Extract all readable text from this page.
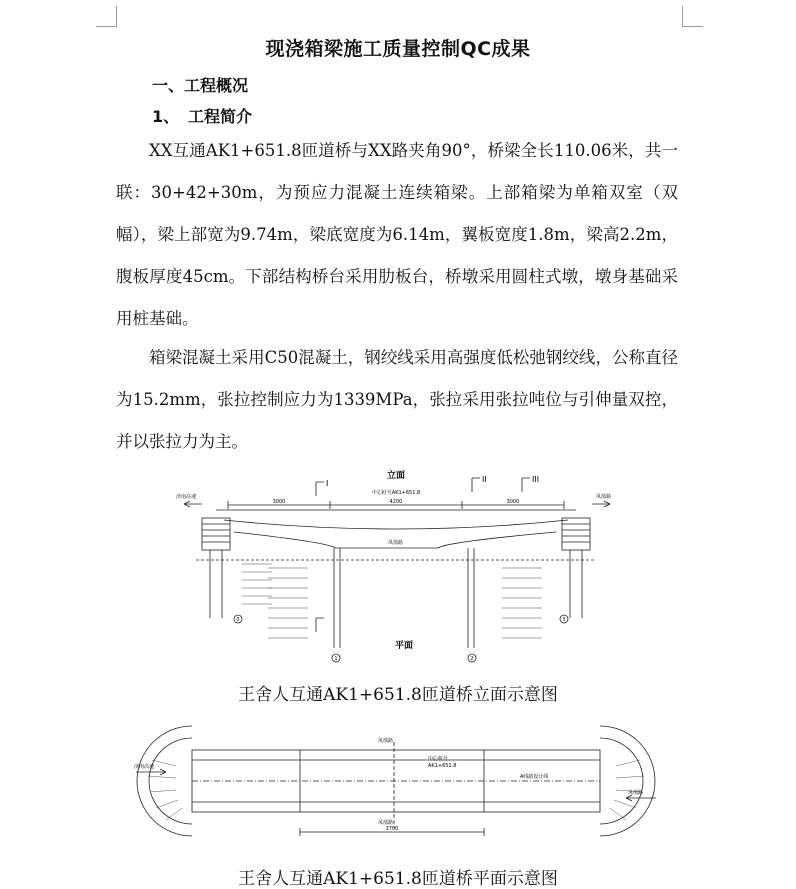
现浇箱梁施工质量控制QC成果
一、工程概况
1、 工程简介

XX互通AK1+651.8匝道桥与XX路夹角90°，桥梁全长110.06米，共一联：30+42+30m，为预应力混凝土连续箱梁。上部箱梁为单箱双室（双幅），梁上部宽为9.74m，梁底宽度为6.14m，翼板宽度1.8m，梁高2.2m，腹板厚度45cm。下部结构桥台采用肋板台，桥墩采用圆柱式墩，墩身基础采用桩基础。

箱梁混凝土采用C50混凝土，钢绞线采用高强度低松弛钢绞线，公称直径为15.2mm，张拉控制应力为1339MPa，张拉采用张拉吨位与引伸量双控，并以张拉力为主。

立面
I	II	III
中心桩号AK1+651.8
3000	4200	3000
济南高速	凤凰路
凤凰路
平面
0
1	2
3
王舍人互通AK1+651.8匝道桥立面示意图
济南高速
凤凰路
凤凰路
凤凰路
中心桩号
AK1+651.8
3700
A线路设计线
王舍人互通AK1+651.8匝道桥平面示意图
